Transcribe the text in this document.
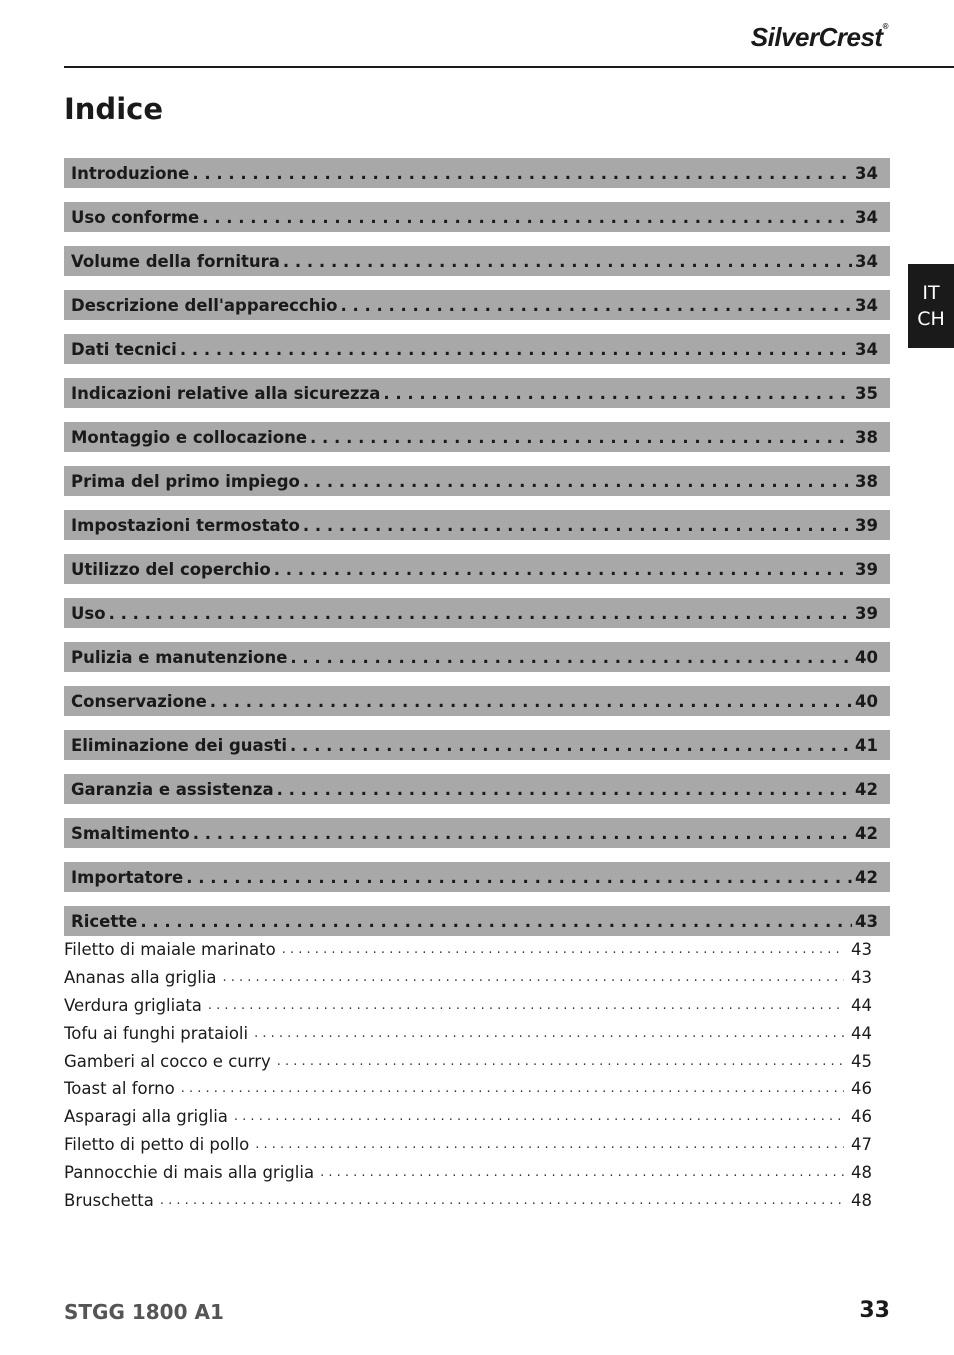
SilverCrest®
Indice
IT
CH
Introduzione . . .	34
Uso conforme . . .	34
Volume della fornitura . . .	34
Descrizione dell'apparecchio . . .	34
Dati tecnici . . .	34
Indicazioni relative alla sicurezza . . .	35
Montaggio e collocazione . . .	38
Prima del primo impiego . . .	38
Impostazioni termostato . . .	39
Utilizzo del coperchio . . .	39
Uso . . .	39
Pulizia e manutenzione . . .	40
Conservazione . . .	40
Eliminazione dei guasti . . .	41
Garanzia e assistenza . . .	42
Smaltimento . . .	42
Importatore . . .	42
Ricette . . .	43
Filetto di maiale marinato . . .	43
Ananas alla griglia . . .	43
Verdura grigliata . . .	44
Tofu ai funghi prataioli . . .	44
Gamberi al cocco e curry . . .	45
Toast al forno . . .	46
Asparagi alla griglia . . .	46
Filetto di petto di pollo . . .	47
Pannocchie di mais alla griglia . . .	48
Bruschetta . . .	48
STGG 1800 A1	33
